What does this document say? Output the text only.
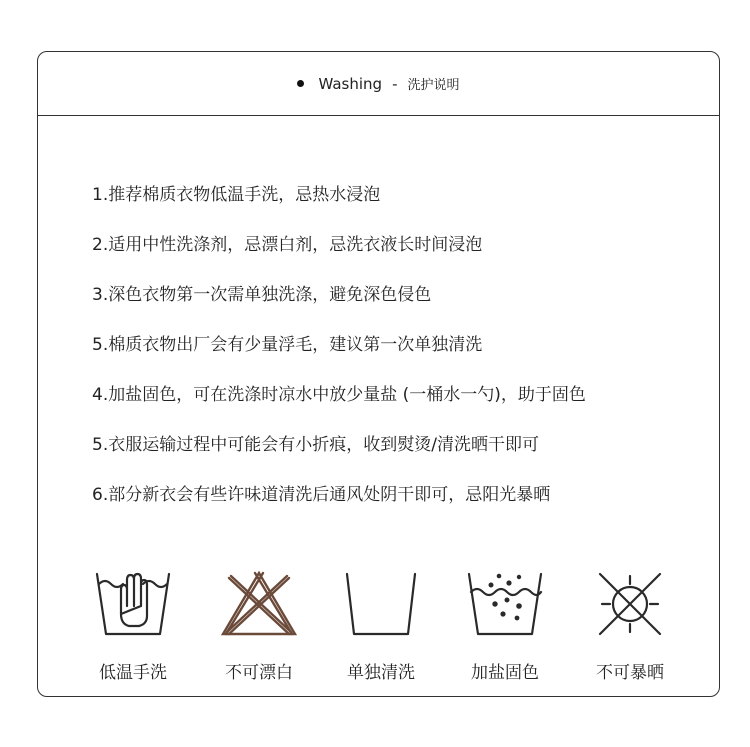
Washing - 洗护说明
1.推荐棉质衣物低温手洗，忌热水浸泡
2.适用中性洗涤剂，忌漂白剂，忌洗衣液长时间浸泡
3.深色衣物第一次需单独洗涤，避免深色侵色
5.棉质衣物出厂会有少量浮毛，建议第一次单独清洗
4.加盐固色，可在洗涤时凉水中放少量盐 (一桶水一勺)，助于固色
5.衣服运输过程中可能会有小折痕，收到熨烫/清洗晒干即可
6.部分新衣会有些许味道清洗后通风处阴干即可，忌阳光暴晒
低温手洗	不可漂白	单独清洗	加盐固色	不可暴晒
